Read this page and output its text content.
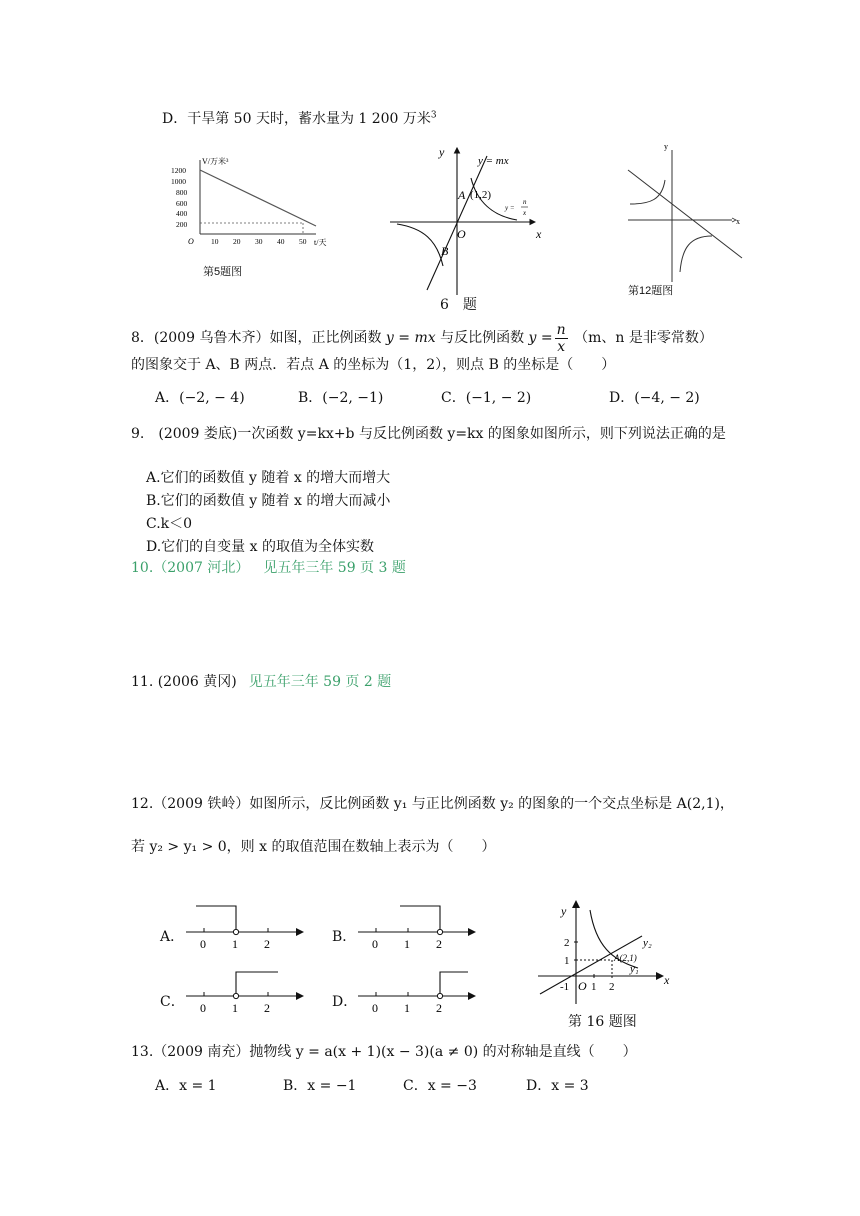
D．干旱第 50 天时，蓄水量为 1 200 万米$^3$
V/万米³
1200
1000
800
600
400
200
O 10 20 30 40 50 t/天
第5题图
y
x
O
y = mx
A (1,2)
B
y =
n
x
6　题
y
x
第12题图
8．(2009 乌鲁木齐）如图，正比例函数 y = mx 与反比例函数 $y = \frac{n}{x} (m$、n 是非零常数）
的图象交于 A、B 两点．若点 A 的坐标为（1，2），则点 B 的坐标是（　　）
A．(−2, − 4)	B．(−2, −1)	C．(−1, − 2)	D．(−4, − 2)
9.　(2009 娄底)一次函数 y=kx+b 与反比例函数 y=kx 的图象如图所示，则下列说法正确的是
A.它们的函数值 y 随着 x 的增大而增大
B.它们的函数值 y 随着 x 的增大而减小
C.k＜0
D.它们的自变量 x 的取值为全体实数
10.（2007 河北） 见五年三年 59 页 3 题
11. (2006 黄冈) 见五年三年 59 页 2 题
12.（2009 铁岭）如图所示，反比例函数 y₁ 与正比例函数 y₂ 的图象的一个交点坐标是 A(2,1)，
若 y₂ > y₁ > 0，则 x 的取值范围在数轴上表示为（　　）
A． 0 1 2	B． 0 1 2
C． 0 1 2	D． 0 1 2
y
x
O
-1
2
1
1 2
A(2,1)
y₂
y₁
第 16 题图
13.（2009 南充）抛物线 y = a(x + 1)(x − 3)(a ≠ 0) 的对称轴是直线（　　）
A．x = 1	B．x = −1	C．x = −3	D．x = 3
